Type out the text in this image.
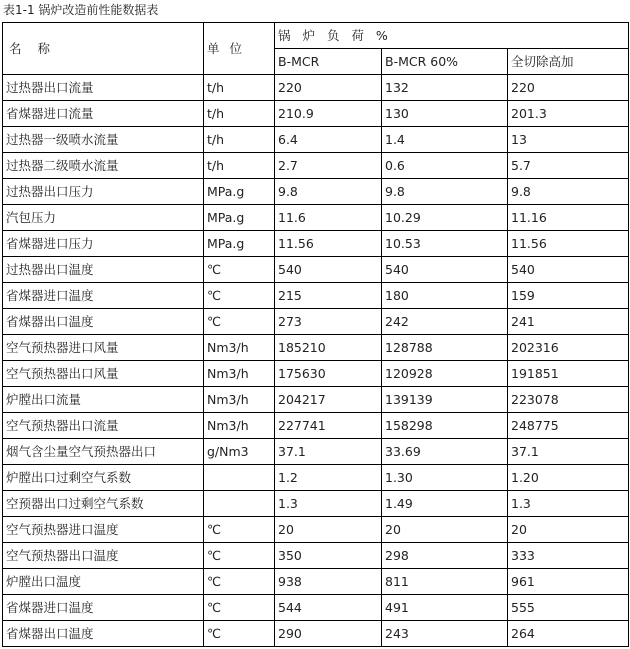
表1-1 锅炉改造前性能数据表
名 称	单 位	锅 炉 负 荷 %		
		B-MCR	B-MCR 60%	全切除高加
过热器出口流量	t/h	220	132	220
省煤器进口流量	t/h	210.9	130	201.3
过热器一级喷水流量	t/h	6.4	1.4	13
过热器二级喷水流量	t/h	2.7	0.6	5.7
过热器出口压力	MPa.g	9.8	9.8	9.8
汽包压力	MPa.g	11.6	10.29	11.16
省煤器进口压力	MPa.g	11.56	10.53	11.56
过热器出口温度	℃	540	540	540
省煤器进口温度	℃	215	180	159
省煤器出口温度	℃	273	242	241
空气预热器进口风量	Nm3/h	185210	128788	202316
空气预热器出口风量	Nm3/h	175630	120928	191851
炉膛出口流量	Nm3/h	204217	139139	223078
空气预热器出口流量	Nm3/h	227741	158298	248775
烟气含尘量空气预热器出口	g/Nm3	37.1	33.69	37.1
炉膛出口过剩空气系数		1.2	1.30	1.20
空预器出口过剩空气系数		1.3	1.49	1.3
空气预热器进口温度	℃	20	20	20
空气预热器出口温度	℃	350	298	333
炉膛出口温度	℃	938	811	961
省煤器进口温度	℃	544	491	555
省煤器出口温度	℃	290	243	264
